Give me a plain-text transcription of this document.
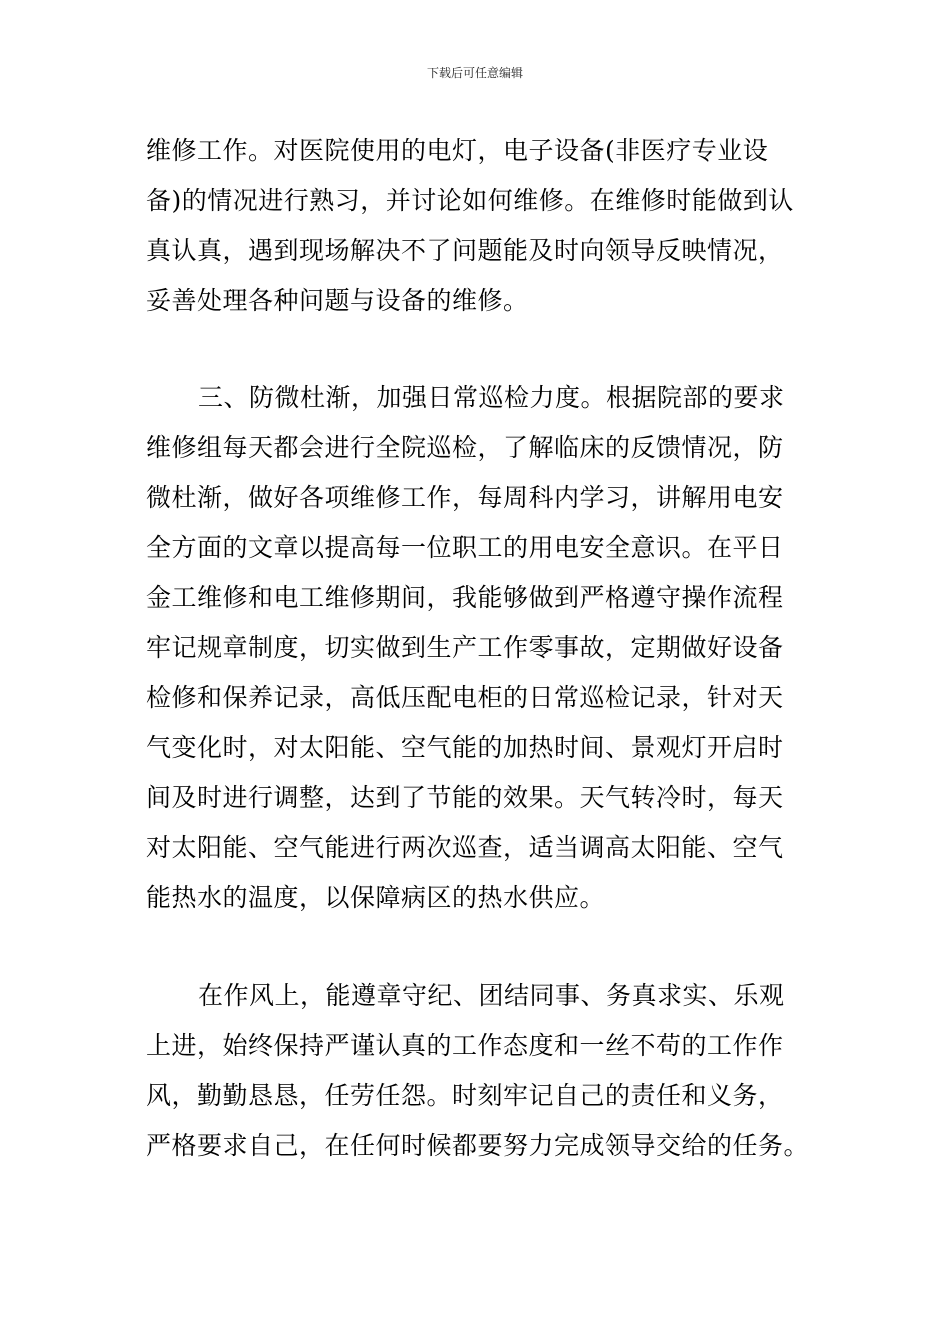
下载后可任意编辑
维修工作。对医院使用的电灯，电子设备(非医疗专业设
备)的情况进行熟习，并讨论如何维修。在维修时能做到认
真认真，遇到现场解决不了问题能及时向领导反映情况，
妥善处理各种问题与设备的维修。
三、防微杜渐，加强日常巡检力度。根据院部的要求
维修组每天都会进行全院巡检，了解临床的反馈情况，防
微杜渐，做好各项维修工作，每周科内学习，讲解用电安
全方面的文章以提高每一位职工的用电安全意识。在平日
金工维修和电工维修期间，我能够做到严格遵守操作流程
牢记规章制度，切实做到生产工作零事故，定期做好设备
检修和保养记录，高低压配电柜的日常巡检记录，针对天
气变化时，对太阳能、空气能的加热时间、景观灯开启时
间及时进行调整，达到了节能的效果。天气转冷时，每天
对太阳能、空气能进行两次巡查，适当调高太阳能、空气
能热水的温度，以保障病区的热水供应。
在作风上，能遵章守纪、团结同事、务真求实、乐观
上进，始终保持严谨认真的工作态度和一丝不苟的工作作
风，勤勤恳恳，任劳任怨。时刻牢记自己的责任和义务，
严格要求自己，在任何时候都要努力完成领导交给的任务。
